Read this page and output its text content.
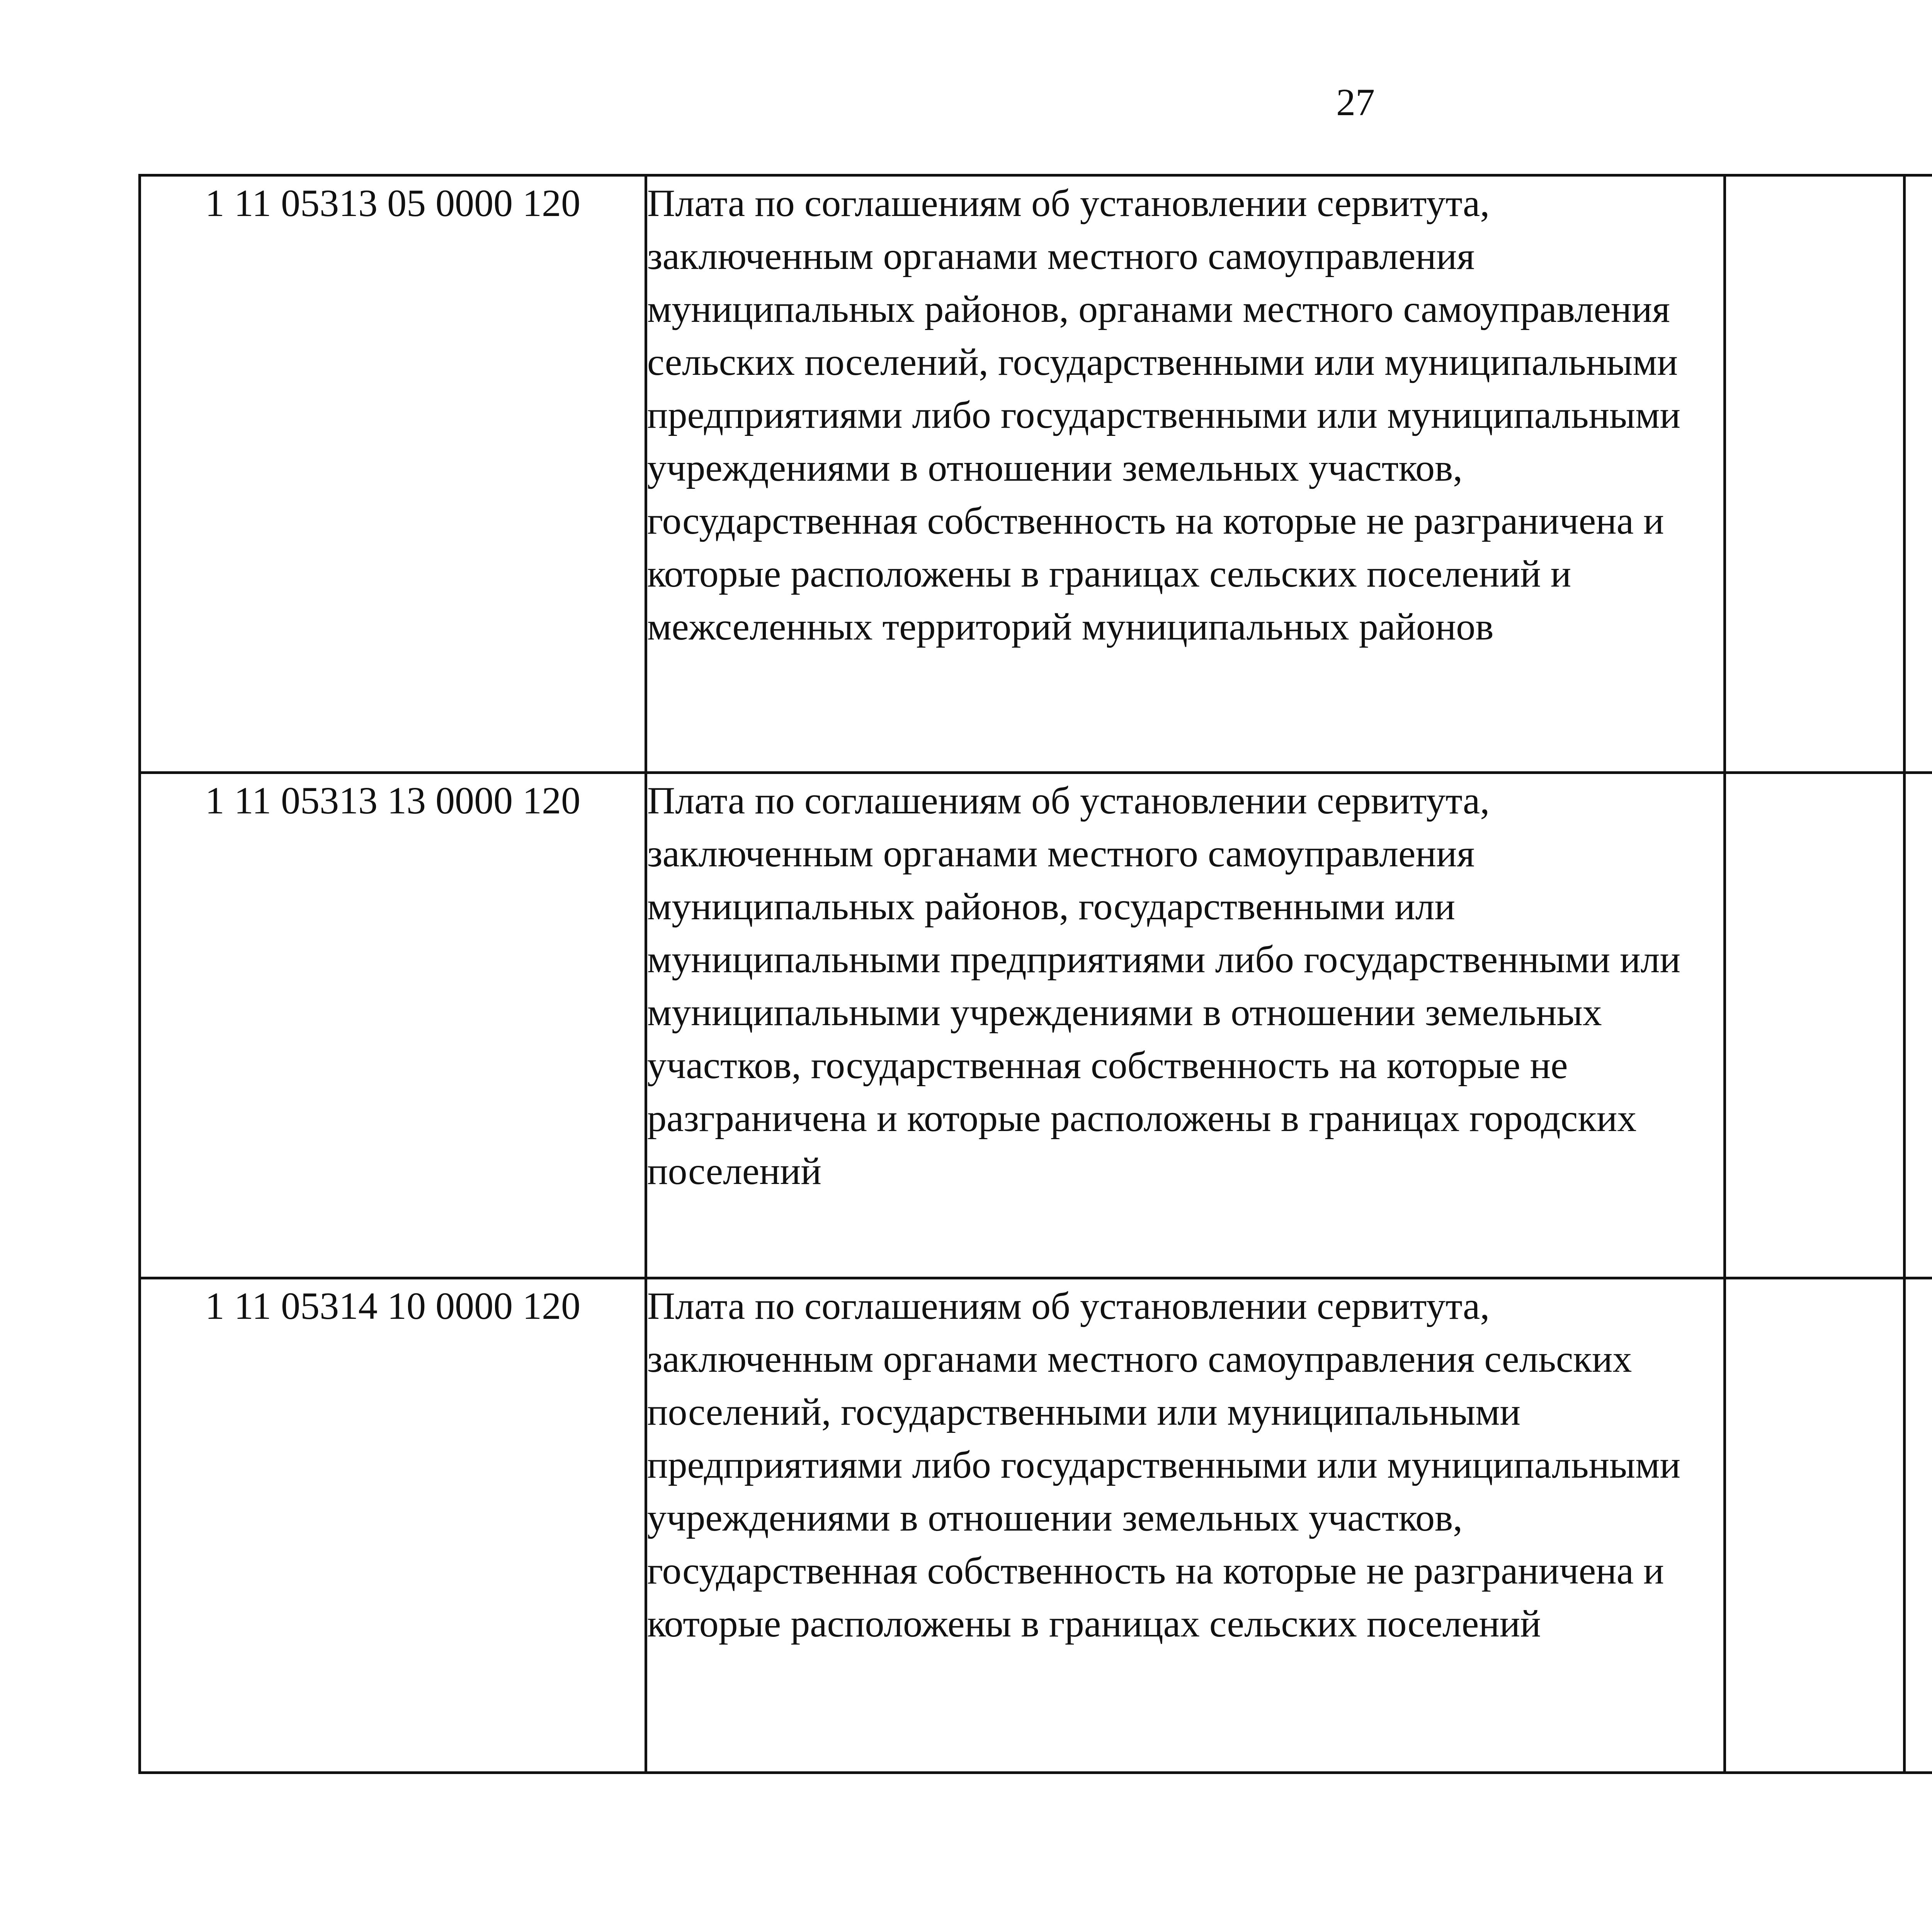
27
1 11 05313 05 0000 120	Плата по соглашениям об установлении сервитута, заключенным органами местного самоуправления муниципальных районов, органами местного самоуправления сельских поселений, государственными или муниципальными предприятиями либо государственными или муниципальными учреждениями в отношении земельных участков, государственная собственность на которые не разграничена и которые расположены в границах сельских поселений и межселенных территорий муниципальных районов					
1 11 05313 13 0000 120	Плата по соглашениям об установлении сервитута, заключенным органами местного самоуправления муниципальных районов, государственными или муниципальными предприятиями либо государственными или муниципальными учреждениями в отношении земельных участков, государственная собственность на которые не разграничена и которые расположены в границах городских поселений					
1 11 05314 10 0000 120	Плата по соглашениям об установлении сервитута, заключенным органами местного самоуправления сельских поселений, государственными или муниципальными предприятиями либо государственными или муниципальными учреждениями в отношении земельных участков, государственная собственность на которые не разграничена и которые расположены в границах сельских поселений					
